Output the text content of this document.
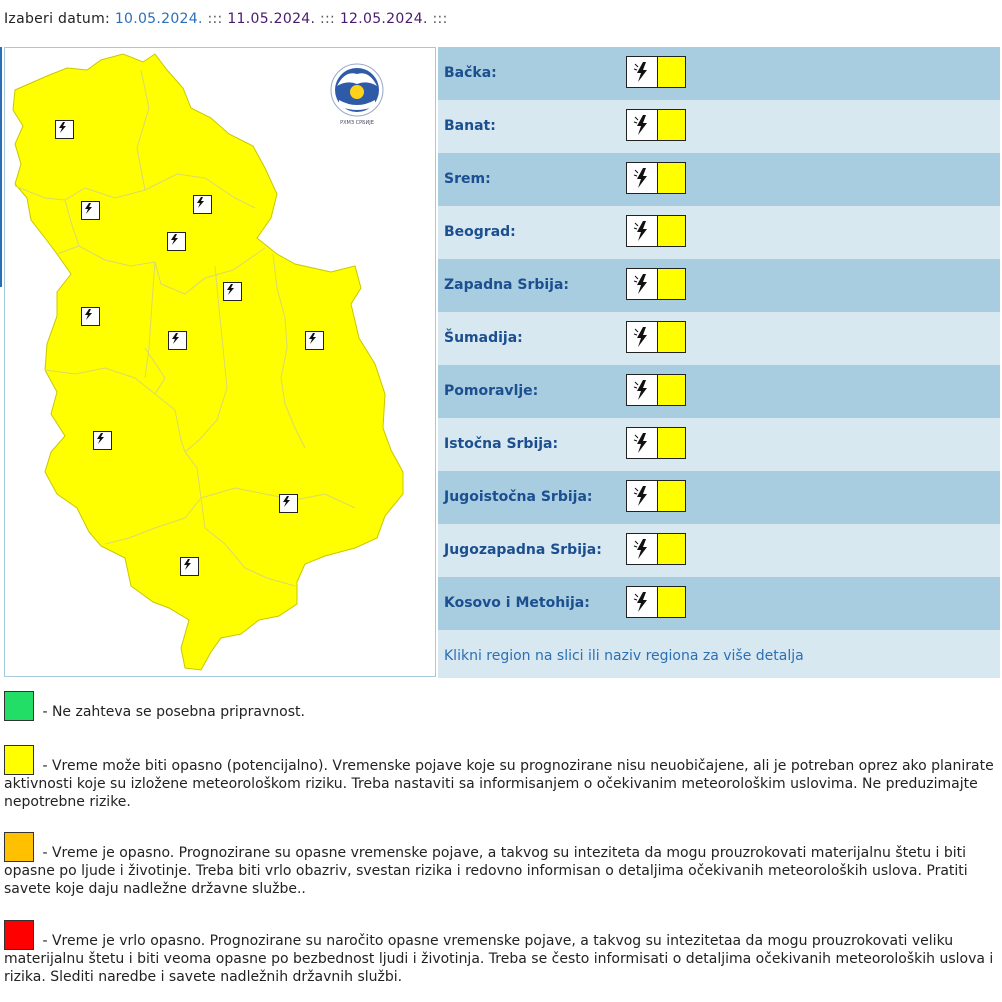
Izaberi datum: 10.05.2024. ::: 11.05.2024. ::: 12.05.2024. :::
РХМЗ СРБИЈЕ
Bačka:
Banat:
Srem:
Beograd:
Zapadna Srbija:
Šumadija:
Pomoravlje:
Istočna Srbija:
Jugoistočna Srbija:
Jugozapadna Srbija:
Kosovo i Metohija:
Klikni region na slici ili naziv regiona za više detalja
- Ne zahteva se posebna pripravnost.
- Vreme može biti opasno (potencijalno). Vremenske pojave koje su prognozirane nisu neuobičajene, ali je potreban oprez ako planirate aktivnosti koje su izložene meteorološkom riziku. Treba nastaviti sa informisanjem o očekivanim meteorološkim uslovima. Ne preduzimajte nepotrebne rizike.
- Vreme je opasno. Prognozirane su opasne vremenske pojave, a takvog su inteziteta da mogu prouzrokovati materijalnu štetu i biti opasne po ljude i životinje. Treba biti vrlo obazriv, svestan rizika i redovno informisan o detaljima očekivanih meteoroloških uslova. Pratiti savete koje daju nadležne državne službe..
- Vreme je vrlo opasno. Prognozirane su naročito opasne vremenske pojave, a takvog su intezitetaa da mogu prouzrokovati veliku materijalnu štetu i biti veoma opasne po bezbednost ljudi i životinja. Treba se često informisati o detaljima očekivanih meteoroloških uslova i rizika. Slediti naredbe i savete nadležnih državnih službi.
